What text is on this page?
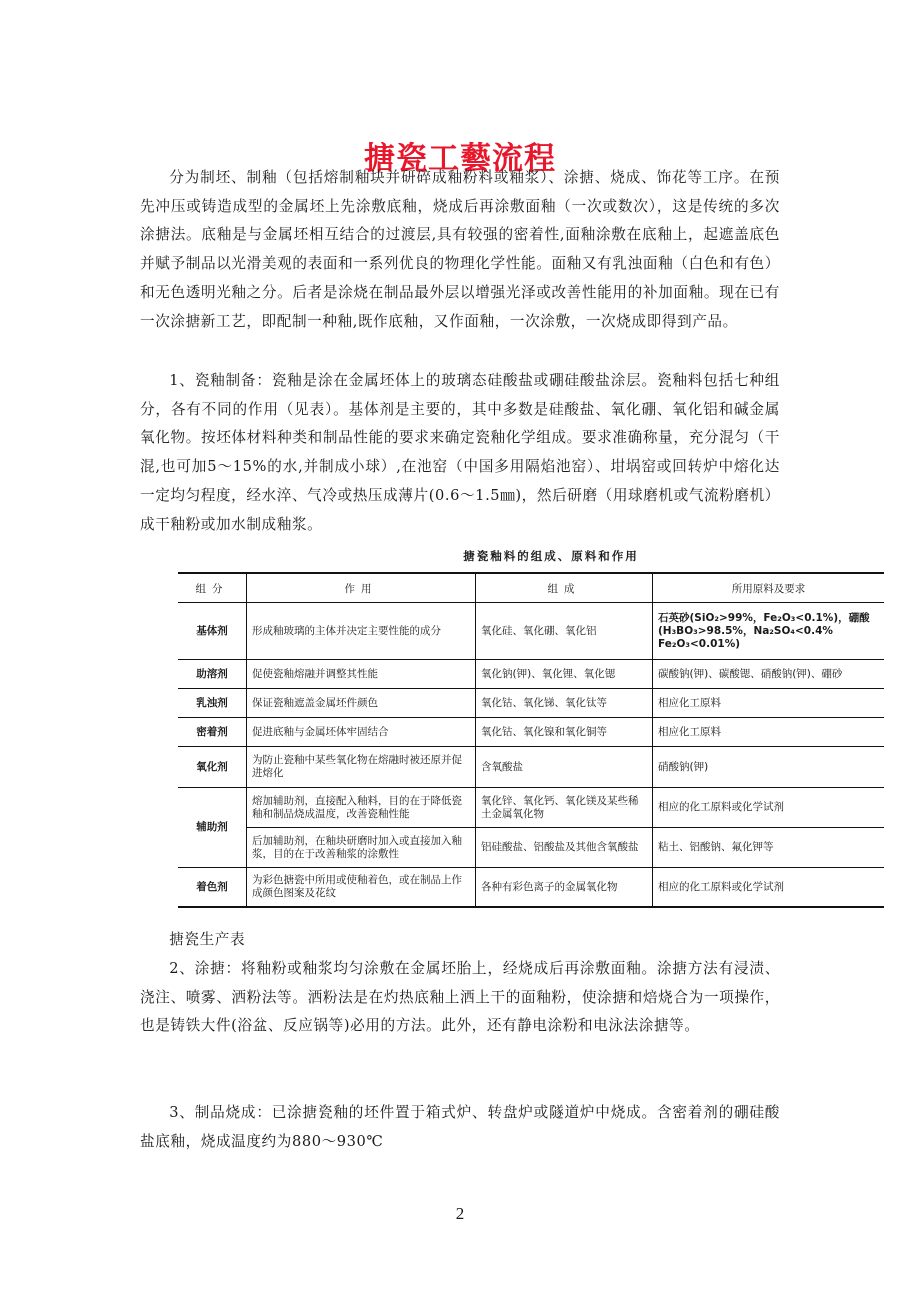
搪瓷工藝流程

分为制坯、制釉（包括熔制釉块并研碎成釉粉料或釉浆）、涂搪、烧成、饰花等工序。在预先冲压或铸造成型的金属坯上先涂敷底釉，烧成后再涂敷面釉（一次或数次），这是传统的多次涂搪法。底釉是与金属坯相互结合的过渡层,具有较强的密着性,面釉涂敷在底釉上，起遮盖底色并赋予制品以光滑美观的表面和一系列优良的物理化学性能。面釉又有乳浊面釉（白色和有色）和无色透明光釉之分。后者是涂烧在制品最外层以增强光泽或改善性能用的补加面釉。现在已有一次涂搪新工艺，即配制一种釉,既作底釉，又作面釉，一次涂敷，一次烧成即得到产品。

1、瓷釉制备：瓷釉是涂在金属坯体上的玻璃态硅酸盐或硼硅酸盐涂层。瓷釉料包括七种组分，各有不同的作用（见表）。基体剂是主要的，其中多数是硅酸盐、氧化硼、氧化铝和碱金属氧化物。按坯体材料种类和制品性能的要求来确定瓷釉化学组成。要求准确称量，充分混匀（干混,也可加5～15%的水,并制成小球）,在池窑（中国多用隔焰池窑）、坩埚窑或回转炉中熔化达一定均匀程度，经水淬、气冷或热压成薄片(0.6～1.5㎜)，然后研磨（用球磨机或气流粉磨机）成干釉粉或加水制成釉浆。

搪瓷釉料的组成、原料和作用
组分	作用	组成	所用原料及要求
基体剂	形成釉玻璃的主体并决定主要性能的成分	氧化硅、氧化硼、氧化铝	石英砂(SiO₂>99%，Fe₂O₃<0.1%)，硼酸 (H₃BO₃>98.5%，Na₂SO₄<0.4% Fe₂O₃<0.01%)
助溶剂	促使瓷釉熔融并调整其性能	氧化钠(钾)、氧化锂、氧化锶	碳酸钠(钾)、碳酸锶、硝酸钠(钾)、硼砂
乳浊剂	保证瓷釉遮盖金属坯件颜色	氧化钴、氧化锑、氧化钛等	相应化工原料
密着剂	促进底釉与金属坯体牢固结合	氧化钴、氧化镍和氧化铜等	相应化工原料
氧化剂	为防止瓷釉中某些氧化物在熔融时被还原并促进熔化	含氧酸盐	硝酸钠(钾)
辅助剂	熔加辅助剂，直接配入釉料，目的在于降低瓷釉和制品烧成温度，改善瓷釉性能	氧化锌、氧化钙、氧化镁及某些稀土金属氧化物	相应的化工原料或化学试剂
	后加辅助剂，在釉块研磨时加入或直接加入釉浆，目的在于改善釉浆的涂敷性	铝硅酸盐、铝酸盐及其他含氧酸盐	粘土、铝酸钠、氟化钾等
着色剂	为彩色搪瓷中所用或使釉着色，或在制品上作成颜色图案及花纹	各种有彩色离子的金属氧化物	相应的化工原料或化学试剂

搪瓷生产表

2、涂搪：将釉粉或釉浆均匀涂敷在金属坯胎上，经烧成后再涂敷面釉。涂搪方法有浸渍、浇注、喷雾、洒粉法等。洒粉法是在灼热底釉上洒上干的面釉粉，使涂搪和焙烧合为一项操作，也是铸铁大件(浴盆、反应锅等)必用的方法。此外，还有静电涂粉和电泳法涂搪等。

3、制品烧成：已涂搪瓷釉的坯件置于箱式炉、转盘炉或隧道炉中烧成。含密着剂的硼硅酸盐底釉，烧成温度约为880～930℃

2
